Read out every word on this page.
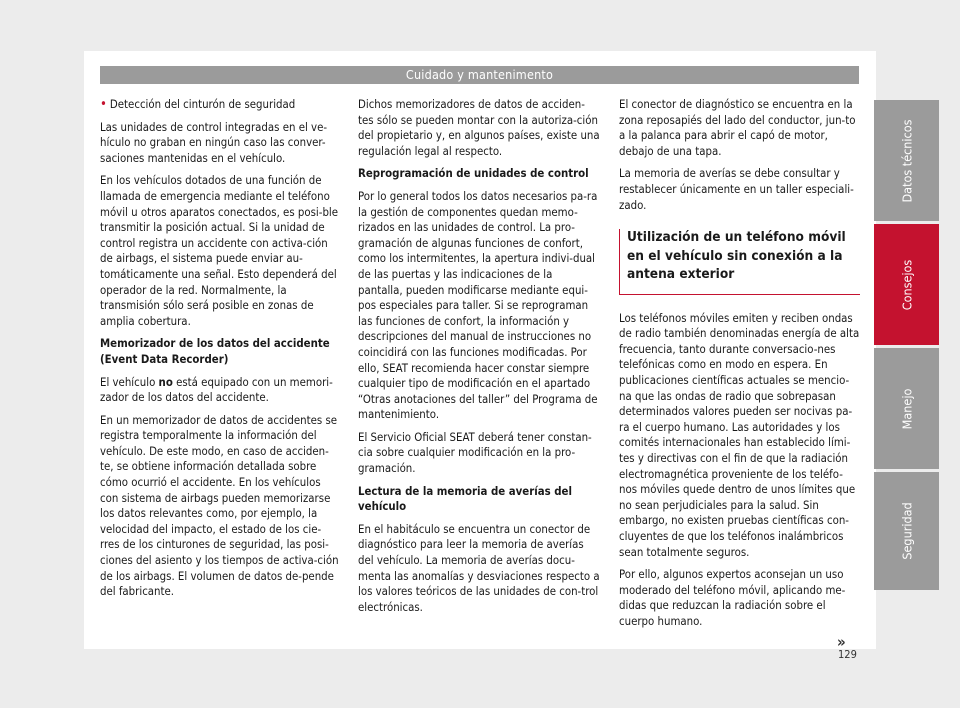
Cuidado y mantenimento

• Detección del cinturón de seguridad

Las unidades de control integradas en el ve-hículo no graban en ningún caso las conver-saciones mantenidas en el vehículo.

En los vehículos dotados de una función de llamada de emergencia mediante el teléfono móvil u otros aparatos conectados, es posi-ble transmitir la posición actual. Si la unidad de control registra un accidente con activa-ción de airbags, el sistema puede enviar au-tomáticamente una señal. Esto dependerá del operador de la red. Normalmente, la transmisión sólo será posible en zonas de amplia cobertura.

Memorizador de los datos del accidente (Event Data Recorder)

El vehículo no está equipado con un memori-zador de los datos del accidente.

En un memorizador de datos de accidentes se registra temporalmente la información del vehículo. De este modo, en caso de acciden-te, se obtiene información detallada sobre cómo ocurrió el accidente. En los vehículos con sistema de airbags pueden memorizarse los datos relevantes como, por ejemplo, la velocidad del impacto, el estado de los cie-rres de los cinturones de seguridad, las posi-ciones del asiento y los tiempos de activa-ción de los airbags. El volumen de datos de-pende del fabricante.

Dichos memorizadores de datos de acciden-tes sólo se pueden montar con la autoriza-ción del propietario y, en algunos países, existe una regulación legal al respecto.

Reprogramación de unidades de control

Por lo general todos los datos necesarios pa-ra la gestión de componentes quedan memo-rizados en las unidades de control. La pro-gramación de algunas funciones de confort, como los intermitentes, la apertura indivi-dual de las puertas y las indicaciones de la pantalla, pueden modificarse mediante equi-pos especiales para taller. Si se reprograman las funciones de confort, la información y descripciones del manual de instrucciones no coincidirá con las funciones modificadas. Por ello, SEAT recomienda hacer constar siempre cualquier tipo de modificación en el apartado “Otras anotaciones del taller” del Programa de mantenimiento.

El Servicio Oficial SEAT deberá tener constan-cia sobre cualquier modificación en la pro-gramación.

Lectura de la memoria de averías del vehículo

En el habitáculo se encuentra un conector de diagnóstico para leer la memoria de averías del vehículo. La memoria de averías docu-menta las anomalías y desviaciones respecto a los valores teóricos de las unidades de con-trol electrónicas.

El conector de diagnóstico se encuentra en la zona reposapiés del lado del conductor, jun-to a la palanca para abrir el capó de motor, debajo de una tapa.

La memoria de averías se debe consultar y restablecer únicamente en un taller especiali-zado.

Utilización de un teléfono móvil en el vehículo sin conexión a la antena exterior

Los teléfonos móviles emiten y reciben ondas de radio también denominadas energía de alta frecuencia, tanto durante conversacio-nes telefónicas como en modo en espera. En publicaciones científicas actuales se mencio-na que las ondas de radio que sobrepasan determinados valores pueden ser nocivas pa-ra el cuerpo humano. Las autoridades y los comités internacionales han establecido lími-tes y directivas con el fin de que la radiación electromagnética proveniente de los teléfo-nos móviles quede dentro de unos límites que no sean perjudiciales para la salud. Sin embargo, no existen pruebas científicas con-cluyentes de que los teléfonos inalámbricos sean totalmente seguros.

Por ello, algunos expertos aconsejan un uso moderado del teléfono móvil, aplicando me-didas que reduzcan la radiación sobre el cuerpo humano.

»
129
Datos técnicos
Consejos
Manejo
Seguridad
